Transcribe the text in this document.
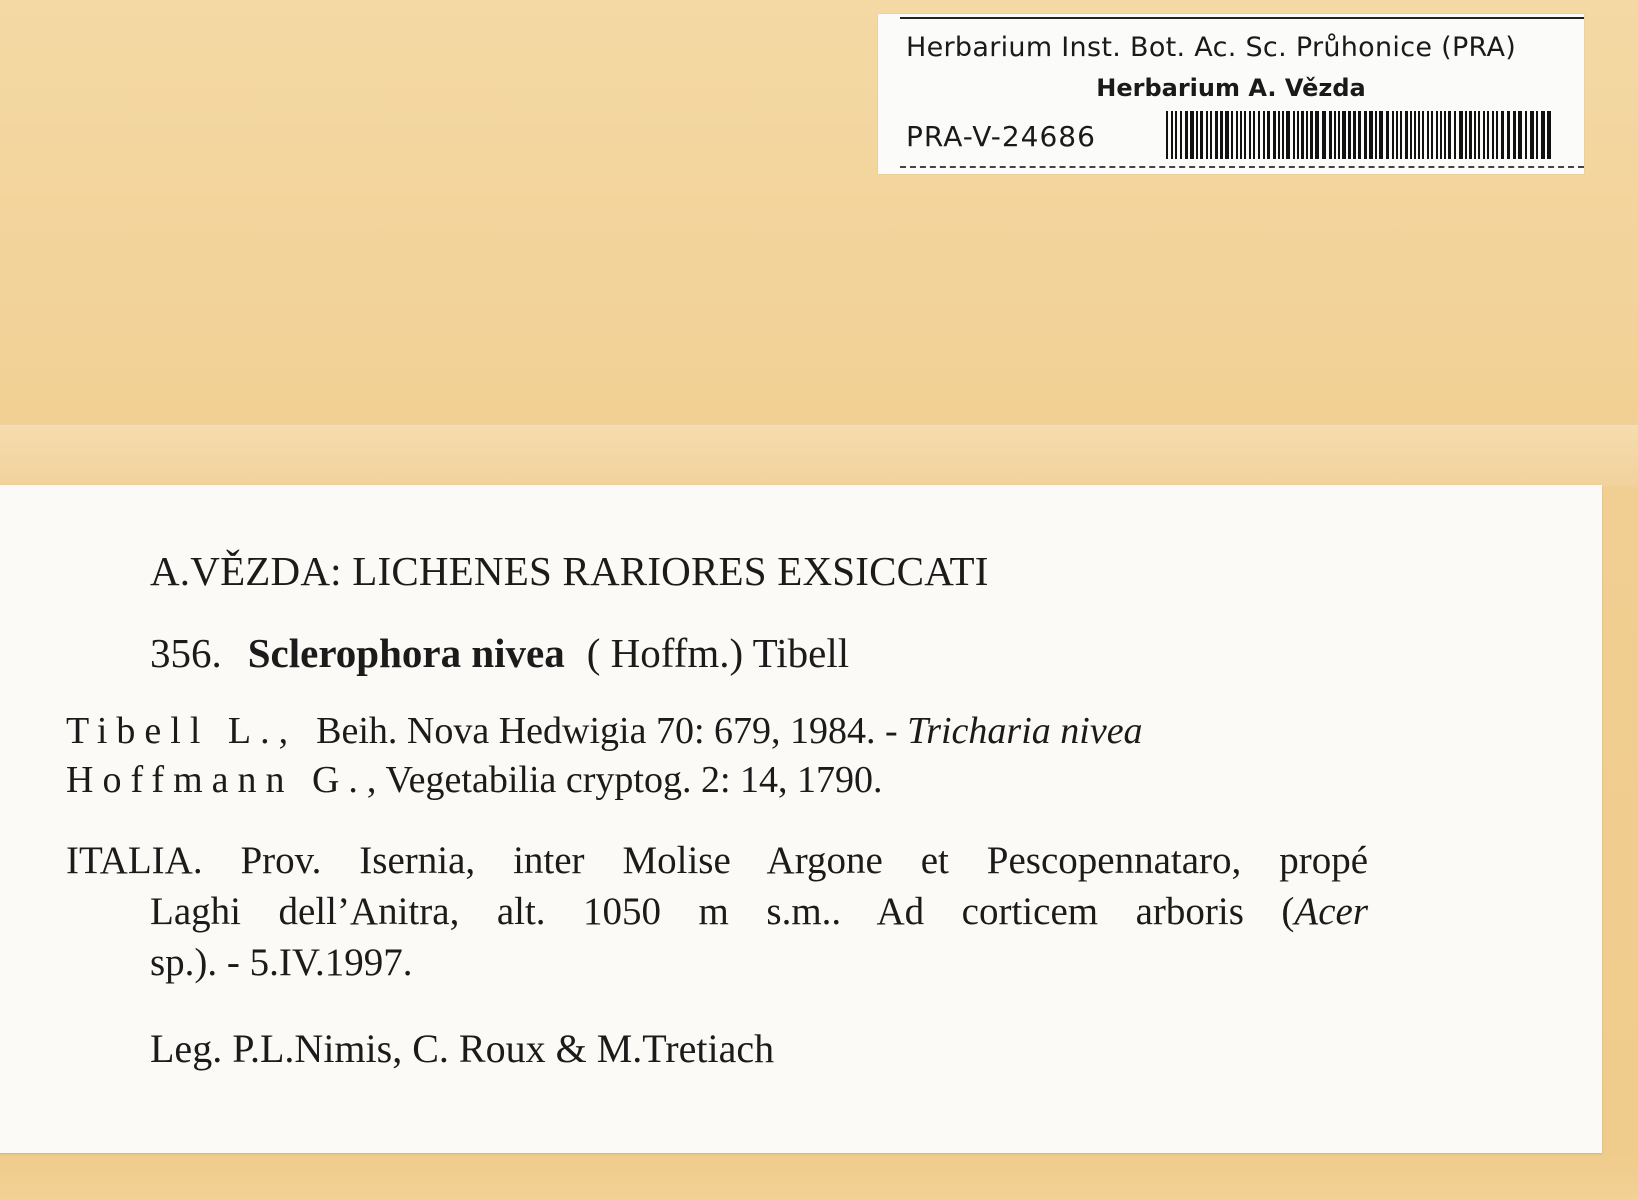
Herbarium Inst. Bot. Ac. Sc. Průhonice (PRA)
Herbarium A. Vězda
PRA-V-24686
A.VĚZDA: LICHENES RARIORES EXSICCATI
356. Sclerophora nivea ( Hoffm.) Tibell
Tibell L., Beih. Nova Hedwigia 70: 679, 1984. - Tricharia nivea
Hoffmann G.,Vegetabilia cryptog. 2: 14, 1790.
ITALIA. Prov. Isernia, inter Molise Argone et Pescopennataro, propé
Laghi dell’Anitra, alt. 1050 m s.m.. Ad corticem arboris (Acer
sp.). - 5.IV.1997.
Leg. P.L.Nimis, C. Roux & M.Tretiach
